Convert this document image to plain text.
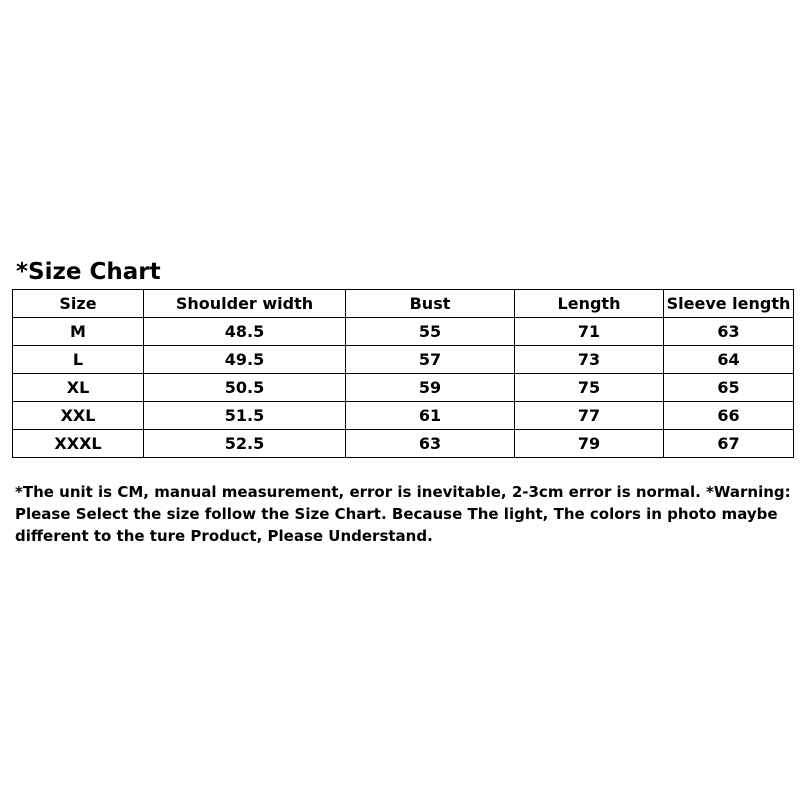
*Size Chart
Size	Shoulder width	Bust	Length	Sleeve length
M	48.5	55	71	63
L	49.5	57	73	64
XL	50.5	59	75	65
XXL	51.5	61	77	66
XXXL	52.5	63	79	67
*The unit is CM, manual measurement, error is inevitable, 2-3cm error is normal. *Warning:
Please Select the size follow the Size Chart. Because The light, The colors in photo maybe
different to the ture Product, Please Understand.
